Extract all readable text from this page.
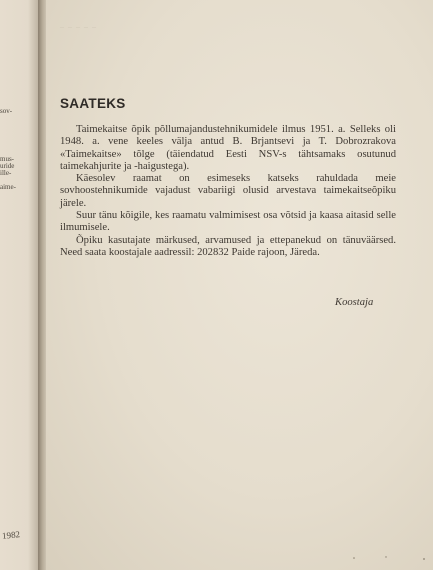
sov-
mus-
uride
ille-
aime-
1982
‒ ‒ ‒ ‒ ‒
SAATEKS

Taimekaitse õpik põllumajandustehnikumidele ilmus 1951. a. Selleks oli 1948. a. vene keeles välja antud B. Brjantsevi ja T. Dobrozrakova «Taimekaitse» tõlge (täiendatud Eesti NSV-s tähtsamaks osutunud taimekahjurite ja -haigustega).

Käesolev raamat on esimeseks katseks rahuldada meie sovhoostehnikumide vajadust vabariigi olusid arvestava taimekaitseõpiku järele.

Suur tänu kõigile, kes raamatu valmimisest osa võtsid ja kaasa aitasid selle ilmumisele.

Õpiku kasutajate märkused, arvamused ja ettepanekud on tänuväärsed. Need saata koostajale aadressil: 202832 Paide rajoon, Järeda.

Koostaja
